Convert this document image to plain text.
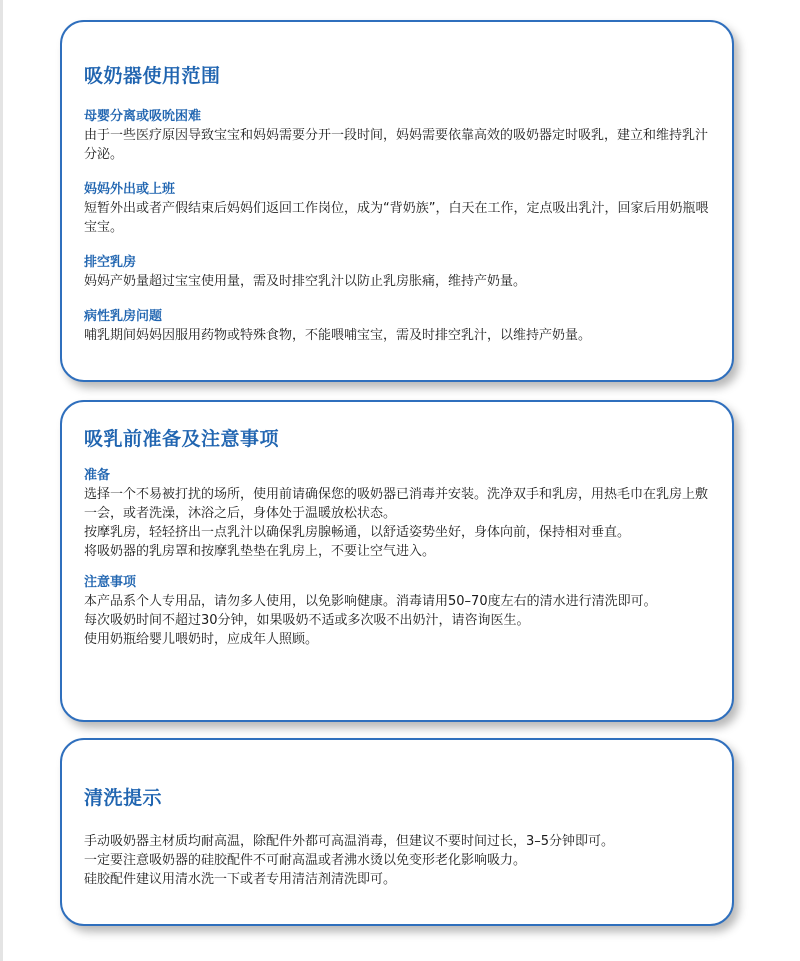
吸奶器使用范围
母婴分离或吸吮困难
由于一些医疗原因导致宝宝和妈妈需要分开一段时间，妈妈需要依靠高效的吸奶器定时吸乳，建立和维持乳汁分泌。
妈妈外出或上班
短暂外出或者产假结束后妈妈们返回工作岗位，成为“背奶族”，白天在工作，定点吸出乳汁，回家后用奶瓶喂宝宝。
排空乳房
妈妈产奶量超过宝宝使用量，需及时排空乳汁以防止乳房胀痛，维持产奶量。
病性乳房问题
哺乳期间妈妈因服用药物或特殊食物，不能喂哺宝宝，需及时排空乳汁，以维持产奶量。
吸乳前准备及注意事项
准备
选择一个不易被打扰的场所，使用前请确保您的吸奶器已消毒并安装。洗净双手和乳房，用热毛巾在乳房上敷一会，或者洗澡，沐浴之后，身体处于温暖放松状态。
按摩乳房，轻轻挤出一点乳汁以确保乳房腺畅通，以舒适姿势坐好，身体向前，保持相对垂直。
将吸奶器的乳房罩和按摩乳垫垫在乳房上，不要让空气进入。
注意事项
本产品系个人专用品，请勿多人使用，以免影响健康。消毒请用50–70度左右的清水进行清洗即可。
每次吸奶时间不超过30分钟，如果吸奶不适或多次吸不出奶汁，请咨询医生。
使用奶瓶给婴儿喂奶时，应成年人照顾。
清洗提示
手动吸奶器主材质均耐高温，除配件外都可高温消毒，但建议不要时间过长，3–5分钟即可。
一定要注意吸奶器的硅胶配件不可耐高温或者沸水烫以免变形老化影响吸力。
硅胶配件建议用清水洗一下或者专用清洁剂清洗即可。
